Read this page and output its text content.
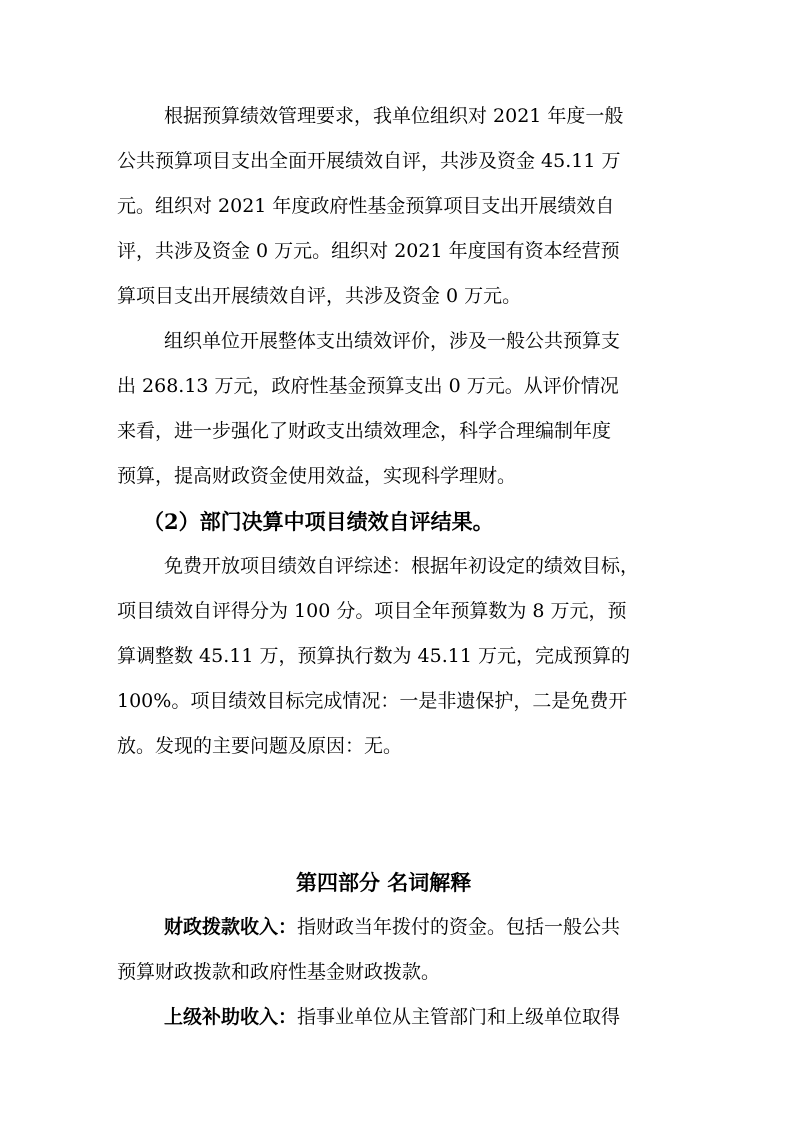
根据预算绩效管理要求，我单位组织对 2021 年度一般
公共预算项目支出全面开展绩效自评，共涉及资金 45.11 万
元。组织对 2021 年度政府性基金预算项目支出开展绩效自
评，共涉及资金 0 万元。组织对 2021 年度国有资本经营预
算项目支出开展绩效自评，共涉及资金 0 万元。
组织单位开展整体支出绩效评价，涉及一般公共预算支
出 268.13 万元，政府性基金预算支出 0 万元。从评价情况
来看，进一步强化了财政支出绩效理念，科学合理编制年度
预算，提高财政资金使用效益，实现科学理财。
（2）部门决算中项目绩效自评结果。
免费开放项目绩效自评综述：根据年初设定的绩效目标，
项目绩效自评得分为 100 分。项目全年预算数为 8 万元，预
算调整数 45.11 万，预算执行数为 45.11 万元，完成预算的
100%。项目绩效目标完成情况：一是非遗保护，二是免费开
放。发现的主要问题及原因：无。
第四部分 名词解释
财政拨款收入：指财政当年拨付的资金。包括一般公共
预算财政拨款和政府性基金财政拨款。
上级补助收入：指事业单位从主管部门和上级单位取得
